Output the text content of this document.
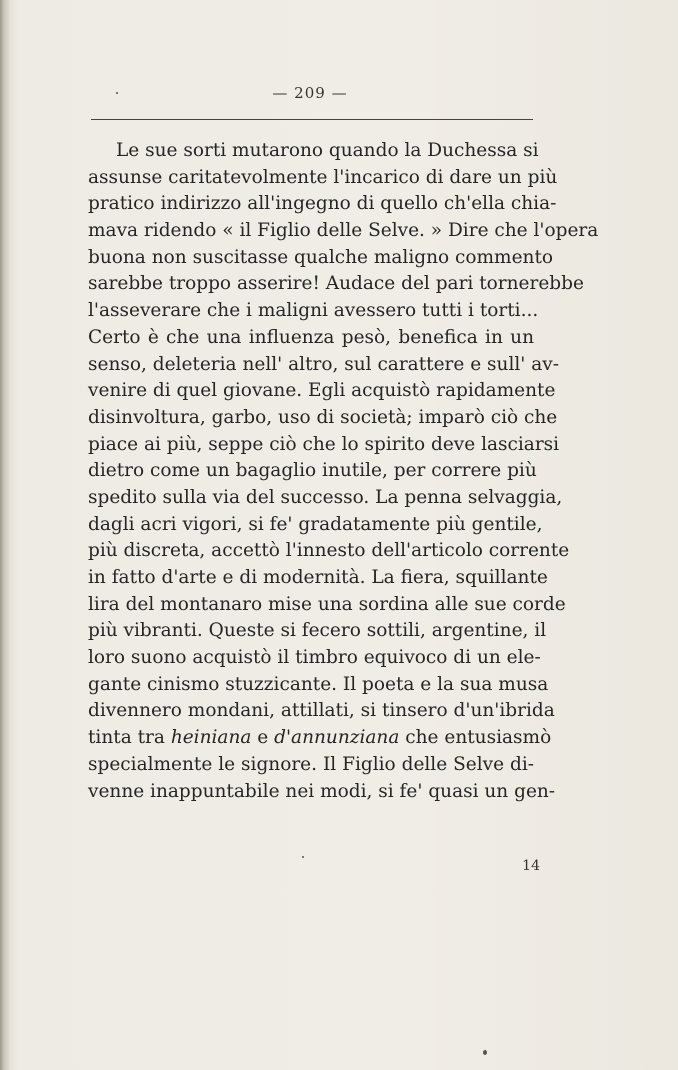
— 209 —
Le sue sorti mutarono quando la Duchessa si
assunse caritatevolmente l'incarico di dare un più
pratico indirizzo all'ingegno di quello ch'ella chia-
mava ridendo « il Figlio delle Selve. » Dire che l'opera
buona non suscitasse qualche maligno commento
sarebbe troppo asserire! Audace del pari tornerebbe
l'asseverare che i maligni avessero tutti i torti...
Certo è che una influenza pesò, benefica in un
senso, deleteria nell' altro, sul carattere e sull' av-
venire di quel giovane. Egli acquistò rapidamente
disinvoltura, garbo, uso di società; imparò ciò che
piace ai più, seppe ciò che lo spirito deve lasciarsi
dietro come un bagaglio inutile, per correre più
spedito sulla via del successo. La penna selvaggia,
dagli acri vigori, si fe' gradatamente più gentile,
più discreta, accettò l'innesto dell'articolo corrente
in fatto d'arte e di modernità. La fiera, squillante
lira del montanaro mise una sordina alle sue corde
più vibranti. Queste si fecero sottili, argentine, il
loro suono acquistò il timbro equivoco di un ele-
gante cinismo stuzzicante. Il poeta e la sua musa
divennero mondani, attillati, si tinsero d'un'ibrida
tinta tra heiniana e d'annunziana che entusiasmò
specialmente le signore. Il Figlio delle Selve di-
venne inappuntabile nei modi, si fe' quasi un gen-
14
